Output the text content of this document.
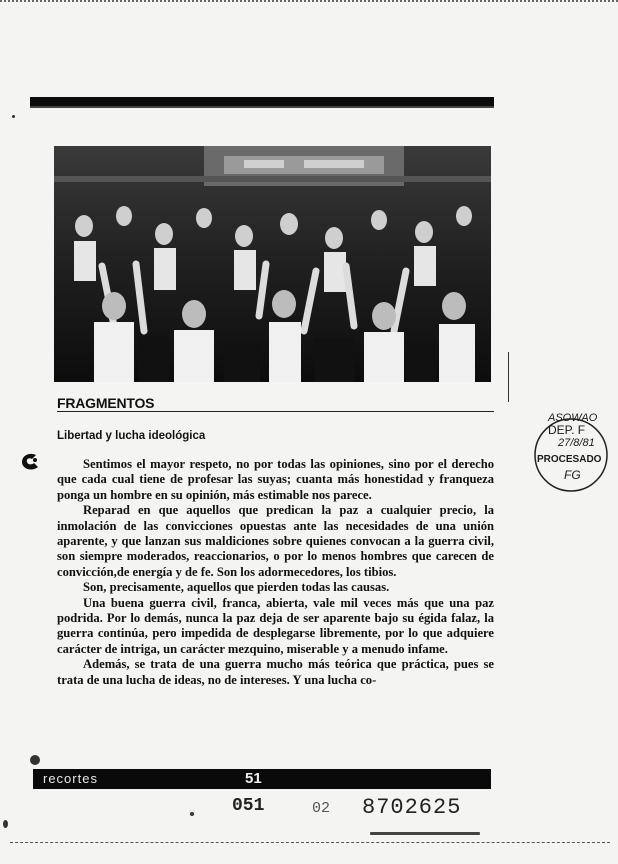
FRAGMENTOS
Libertad y lucha ideológica

Sentimos el mayor respeto, no por todas las opiniones, sino por el derecho que cada cual tiene de profesar las suyas; cuanta más honestidad y franqueza ponga un hombre en su opinión, más estimable nos parece.

Reparad en que aquellos que predican la paz a cualquier precio, la inmolación de las convicciones opuestas ante las necesidades de una unión aparente, y que lanzan sus maldiciones sobre quienes convocan a la guerra civil, son siempre moderados, reaccionarios, o por lo menos hombres que carecen de convicción,de energía y de fe. Son los adormecedores, los tibios.

Son, precisamente, aquellos que pierden todas las causas.

Una buena guerra civil, franca, abierta, vale mil veces más que una paz podrida. Por lo demás, nunca la paz deja de ser aparente bajo su égida falaz, la guerra continúa, pero impedida de desplegarse libremente, por lo que adquiere carácter de intriga, un carácter mezquino, miserable y a menudo infame.

Además, se trata de una guerra mucho más teórica que práctica, pues se trata de una lucha de ideas, no de intereses. Y una lucha co-

ASOWAO
DEP. F
27/8/81
PROCESADO
FG
recortes	51
051	02 8702625
